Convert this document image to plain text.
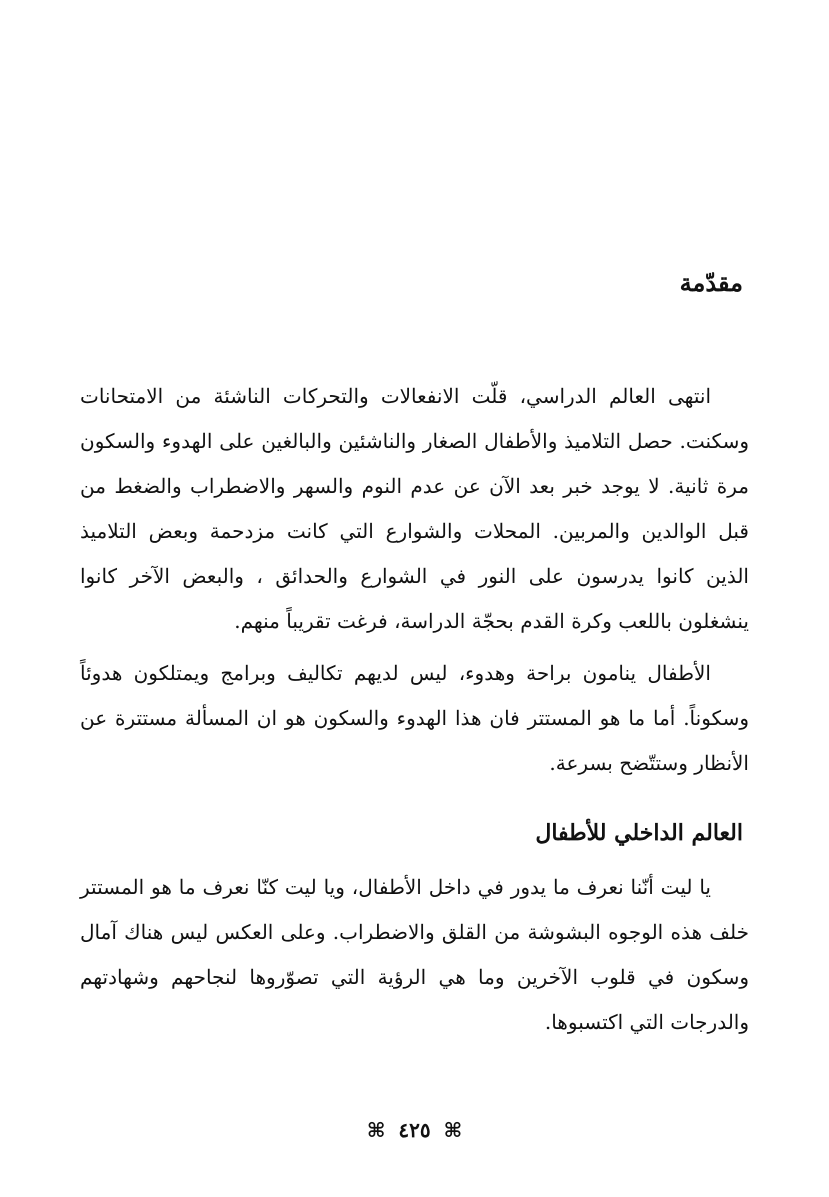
مقدّمة

انتهى العالم الدراسي، قلّت الانفعالات والتحركات الناشئة من الامتحانات وسكنت. حصل التلاميذ والأطفال الصغار والناشئين والبالغين على الهدوء والسكون مرة ثانية. لا يوجد خبر بعد الآن عن عدم النوم والسهر والاضطراب والضغط من قبل الوالدين والمربين. المحلات والشوارع التي كانت مزدحمة وبعض التلاميذ الذين كانوا يدرسون على النور في الشوارع والحدائق ، والبعض الآخر كانوا ينشغلون باللعب وكرة القدم بحجّة الدراسة، فرغت تقريباً منهم.

الأطفال ينامون براحة وهدوء، ليس لديهم تكاليف وبرامج ويمتلكون هدوئاً وسكوناً. أما ما هو المستتر فان هذا الهدوء والسكون هو ان المسألة مستترة عن الأنظار وستتّضح بسرعة.

العالم الداخلي للأطفال

يا ليت أنّنا نعرف ما يدور في داخل الأطفال، ويا ليت كنّا نعرف ما هو المستتر خلف هذه الوجوه البشوشة من القلق والاضطراب. وعلى العكس ليس هناك آمال وسكون في قلوب الآخرين وما هي الرؤية التي تصوّروها لنجاحهم وشهادتهم والدرجات التي اكتسبوها.

⌘ ٤٢٥ ⌘
